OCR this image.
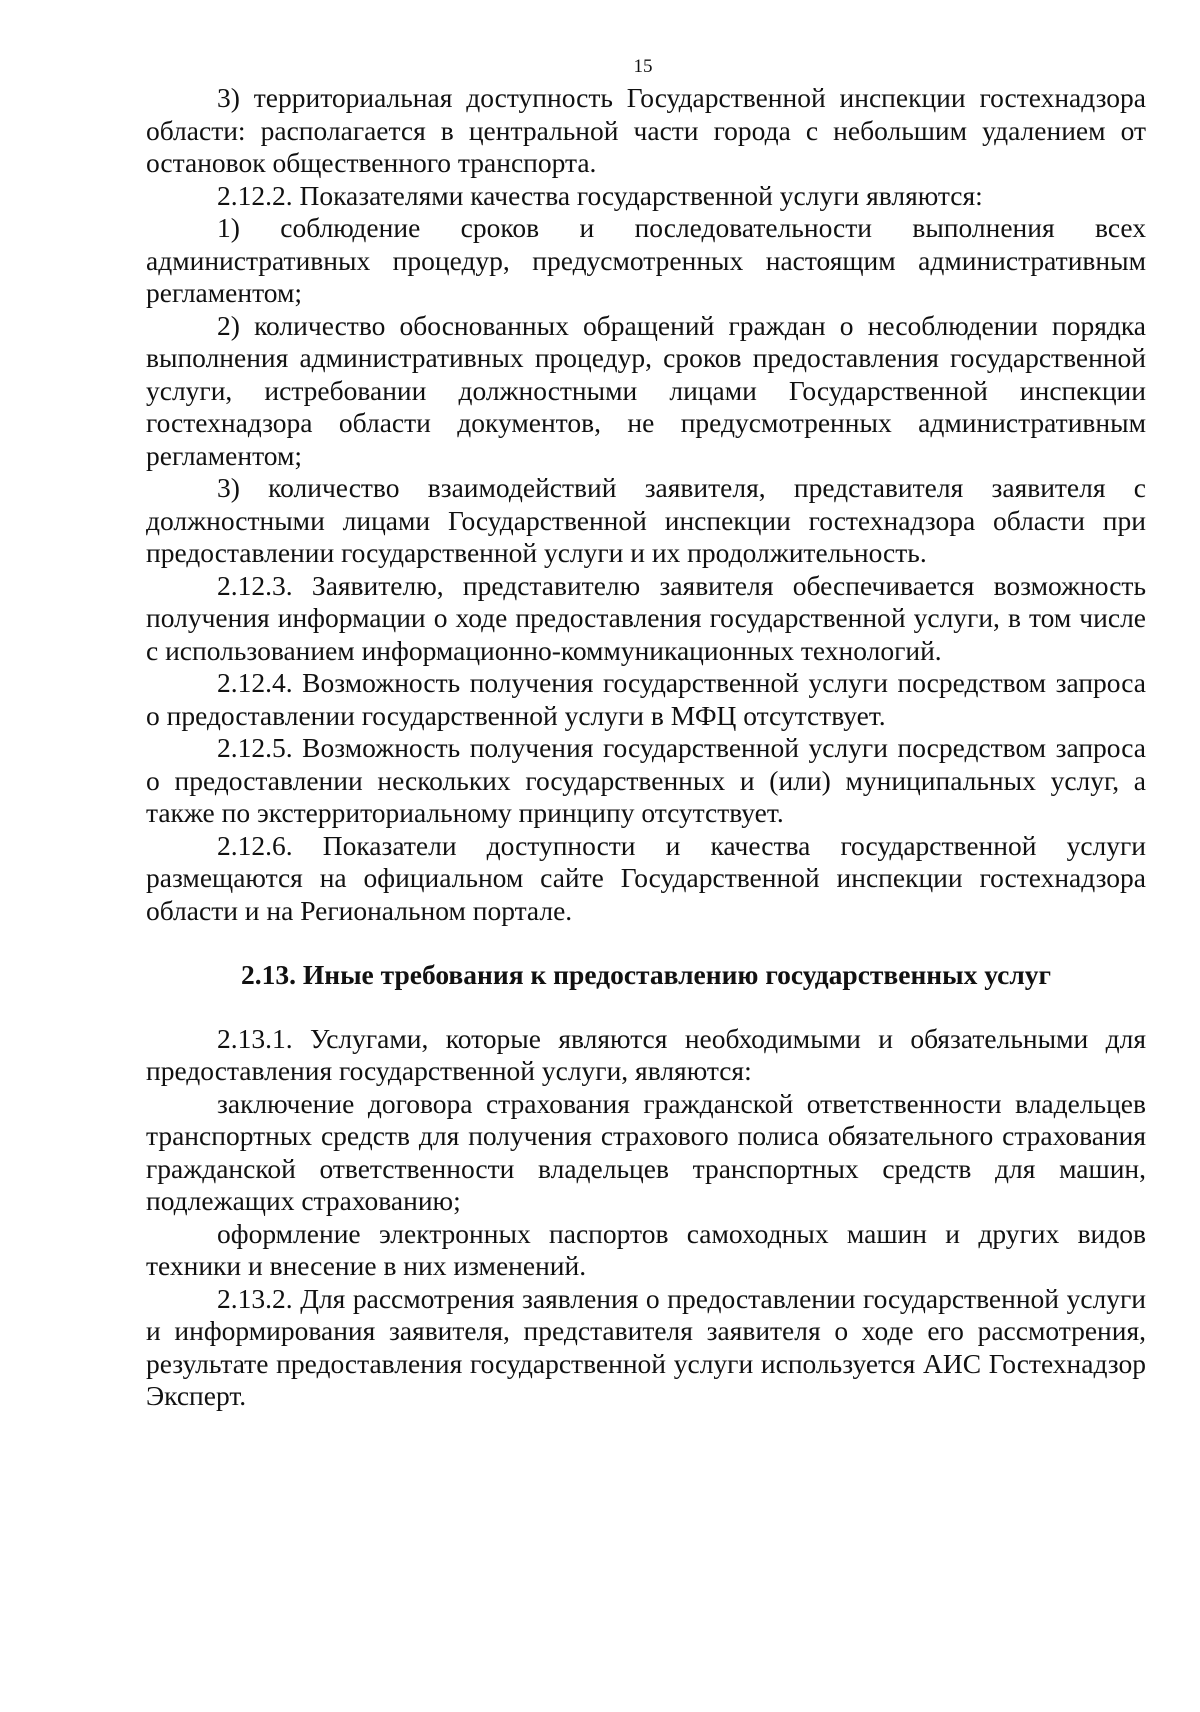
15

3) территориальная доступность Государственной инспекции гостехнадзора области: располагается в центральной части города с небольшим удалением от остановок общественного транспорта.

2.12.2. Показателями качества государственной услуги являются:

1) соблюдение сроков и последовательности выполнения всех административных процедур, предусмотренных настоящим административным регламентом;

2) количество обоснованных обращений граждан о несоблюдении порядка выполнения административных процедур, сроков предоставления государственной услуги, истребовании должностными лицами Государственной инспекции гостехнадзора области документов, не предусмотренных административным регламентом;

3) количество взаимодействий заявителя, представителя заявителя с должностными лицами Государственной инспекции гостехнадзора области при предоставлении государственной услуги и их продолжительность.

2.12.3. Заявителю, представителю заявителя обеспечивается возможность получения информации о ходе предоставления государственной услуги, в том числе с использованием информационно-коммуникационных технологий.

2.12.4. Возможность получения государственной услуги посредством запроса о предоставлении государственной услуги в МФЦ отсутствует.

2.12.5. Возможность получения государственной услуги посредством запроса о предоставлении нескольких государственных и (или) муниципальных услуг, а также по экстерриториальному принципу отсутствует.

2.12.6. Показатели доступности и качества государственной услуги размещаются на официальном сайте Государственной инспекции гостехнадзора области и на Региональном портале.

2.13. Иные требования к предоставлению государственных услуг

2.13.1. Услугами, которые являются необходимыми и обязательными для предоставления государственной услуги, являются:

заключение договора страхования гражданской ответственности владельцев транспортных средств для получения страхового полиса обязательного страхования гражданской ответственности владельцев транспортных средств для машин, подлежащих страхованию;

оформление электронных паспортов самоходных машин и других видов техники и внесение в них изменений.

2.13.2. Для рассмотрения заявления о предоставлении государственной услуги и информирования заявителя, представителя заявителя о ходе его рассмотрения, результате предоставления государственной услуги используется АИС Гостехнадзор Эксперт.
